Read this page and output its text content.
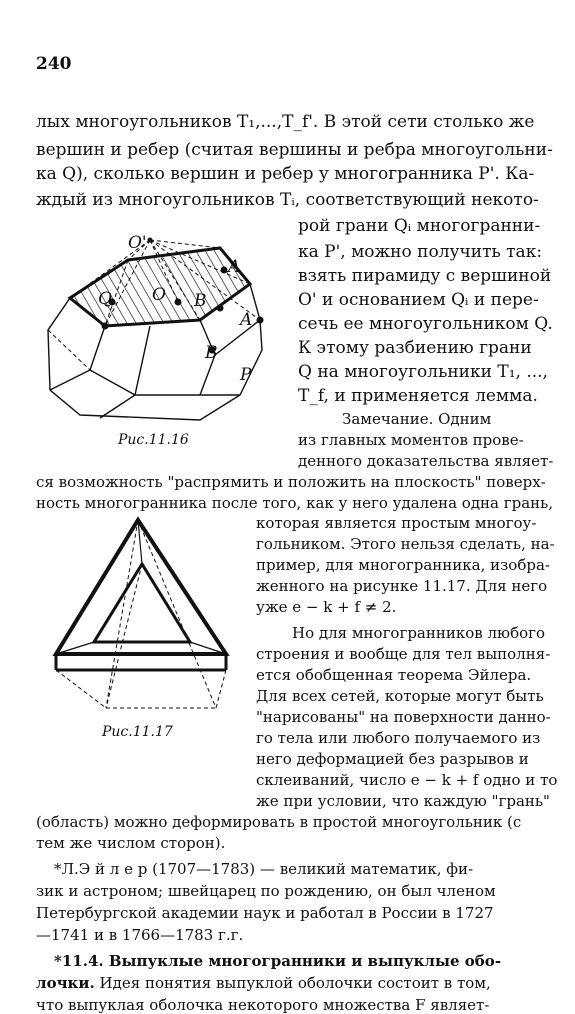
240
лых многоугольников T₁,...,T_f'. В этой сети столько же
вершин и ребер (считая вершины и ребра многоугольни-
ка Q), сколько вершин и ребер у многогранника P'. Ка-
ждый из многоугольников Tᵢ, соответствующий некото-
O'
A
Q O B
A
B
P
рой грани Qᵢ многогранни-
ка P', можно получить так:
взять пирамиду с вершиной
O' и основанием Qᵢ и пере-
сечь ее многоугольником Q.
К этому разбиению грани
Q на многоугольники T₁, ...,
T_f, и применяется лемма.
Рис.11.16
Замечание. Одним
из главных моментов прове-
денного доказательства являет-
ся возможность "распрямить и положить на плоскость" поверх-
ность многогранника после того, как у него удалена одна грань,
которая является простым многоу-
гольником. Этого нельзя сделать, на-
пример, для многогранника, изобра-
женного на рисунке 11.17. Для него
уже e − k + f ≠ 2.
Но для многогранников любого
строения и вообще для тел выполня-
ется обобщенная теорема Эйлера.
Для всех сетей, которые могут быть
"нарисованы" на поверхности данно-
го тела или любого получаемого из
него деформацией без разрывов и
склеиваний, число e − k + f одно и то
же при условии, что каждую "грань"
Рис.11.17
(область) можно деформировать в простой многоугольник (с
тем же числом сторон).
*Л.Э й л е р (1707—1783) — великий математик, фи-
зик и астроном; швейцарец по рождению, он был членом
Петербургской академии наук и работал в России в 1727
—1741 и в 1766—1783 г.г.
*11.4. Выпуклые многогранники и выпуклые обо-
лочки. Идея понятия выпуклой оболочки состоит в том,
что выпуклая оболочка некоторого множества F являет-
